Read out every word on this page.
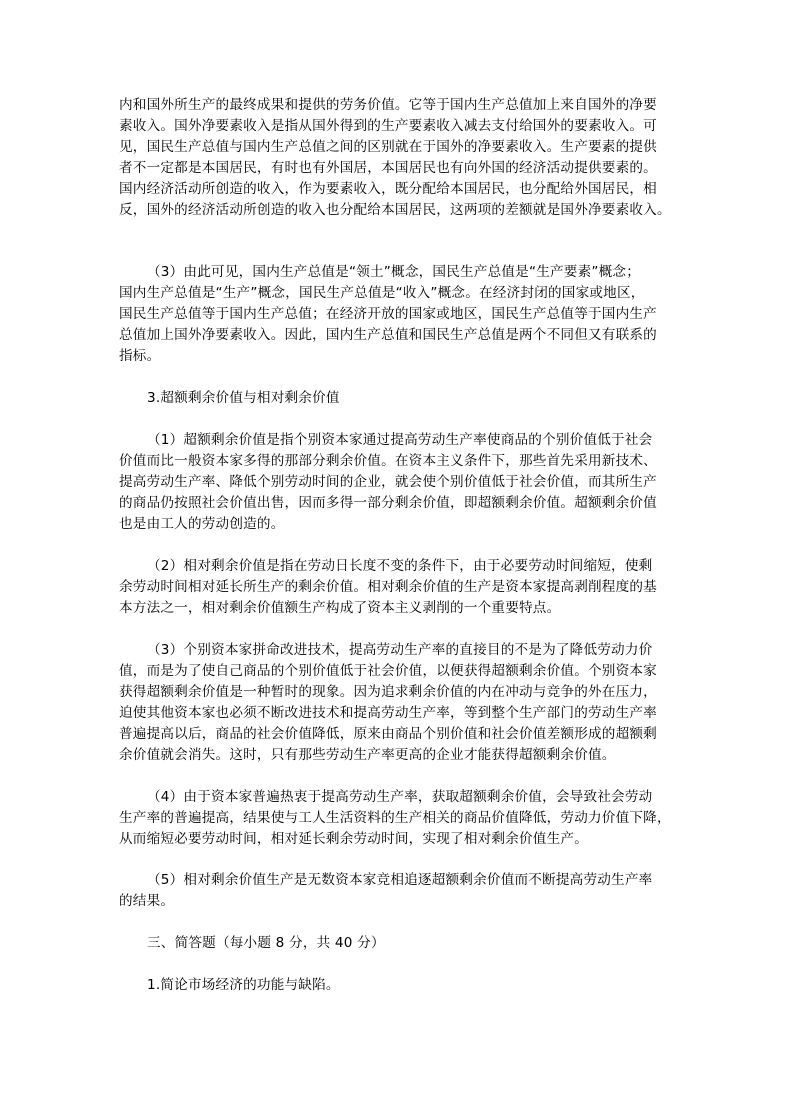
内和国外所生产的最终成果和提供的劳务价值。它等于国内生产总值加上来自国外的净要
素收入。国外净要素收入是指从国外得到的生产要素收入减去支付给国外的要素收入。可
见，国民生产总值与国内生产总值之间的区别就在于国外的净要素收入。生产要素的提供
者不一定都是本国居民，有时也有外国居，本国居民也有向外国的经济活动提供要素的。
国内经济活动所创造的收入，作为要素收入，既分配给本国居民，也分配给外国居民，相
反，国外的经济活动所创造的收入也分配给本国居民，这两项的差额就是国外净要素收入。
（3）由此可见，国内生产总值是“领土”概念，国民生产总值是“生产要素”概念；
国内生产总值是“生产”概念，国民生产总值是“收入”概念。在经济封闭的国家或地区，
国民生产总值等于国内生产总值；在经济开放的国家或地区，国民生产总值等于国内生产
总值加上国外净要素收入。因此，国内生产总值和国民生产总值是两个不同但又有联系的
指标。
3.超额剩余价值与相对剩余价值
（1）超额剩余价值是指个别资本家通过提高劳动生产率使商品的个别价值低于社会
价值而比一般资本家多得的那部分剩余价值。在资本主义条件下，那些首先采用新技术、
提高劳动生产率、降低个别劳动时间的企业，就会使个别价值低于社会价值，而其所生产
的商品仍按照社会价值出售，因而多得一部分剩余价值，即超额剩余价值。超额剩余价值
也是由工人的劳动创造的。
（2）相对剩余价值是指在劳动日长度不变的条件下，由于必要劳动时间缩短，使剩
余劳动时间相对延长所生产的剩余价值。相对剩余价值的生产是资本家提高剥削程度的基
本方法之一，相对剩余价值额生产构成了资本主义剥削的一个重要特点。
（3）个别资本家拼命改进技术，提高劳动生产率的直接目的不是为了降低劳动力价
值，而是为了使自己商品的个别价值低于社会价值，以便获得超额剩余价值。个别资本家
获得超额剩余价值是一种暂时的现象。因为追求剩余价值的内在冲动与竞争的外在压力，
迫使其他资本家也必须不断改进技术和提高劳动生产率，等到整个生产部门的劳动生产率
普遍提高以后，商品的社会价值降低，原来由商品个别价值和社会价值差额形成的超额剩
余价值就会消失。这时，只有那些劳动生产率更高的企业才能获得超额剩余价值。
（4）由于资本家普遍热衷于提高劳动生产率，获取超额剩余价值，会导致社会劳动
生产率的普遍提高，结果使与工人生活资料的生产相关的商品价值降低，劳动力价值下降，
从而缩短必要劳动时间，相对延长剩余劳动时间，实现了相对剩余价值生产。
（5）相对剩余价值生产是无数资本家竞相追逐超额剩余价值而不断提高劳动生产率
的结果。
三、简答题（每小题 8 分，共 40 分）
1.简论市场经济的功能与缺陷。
